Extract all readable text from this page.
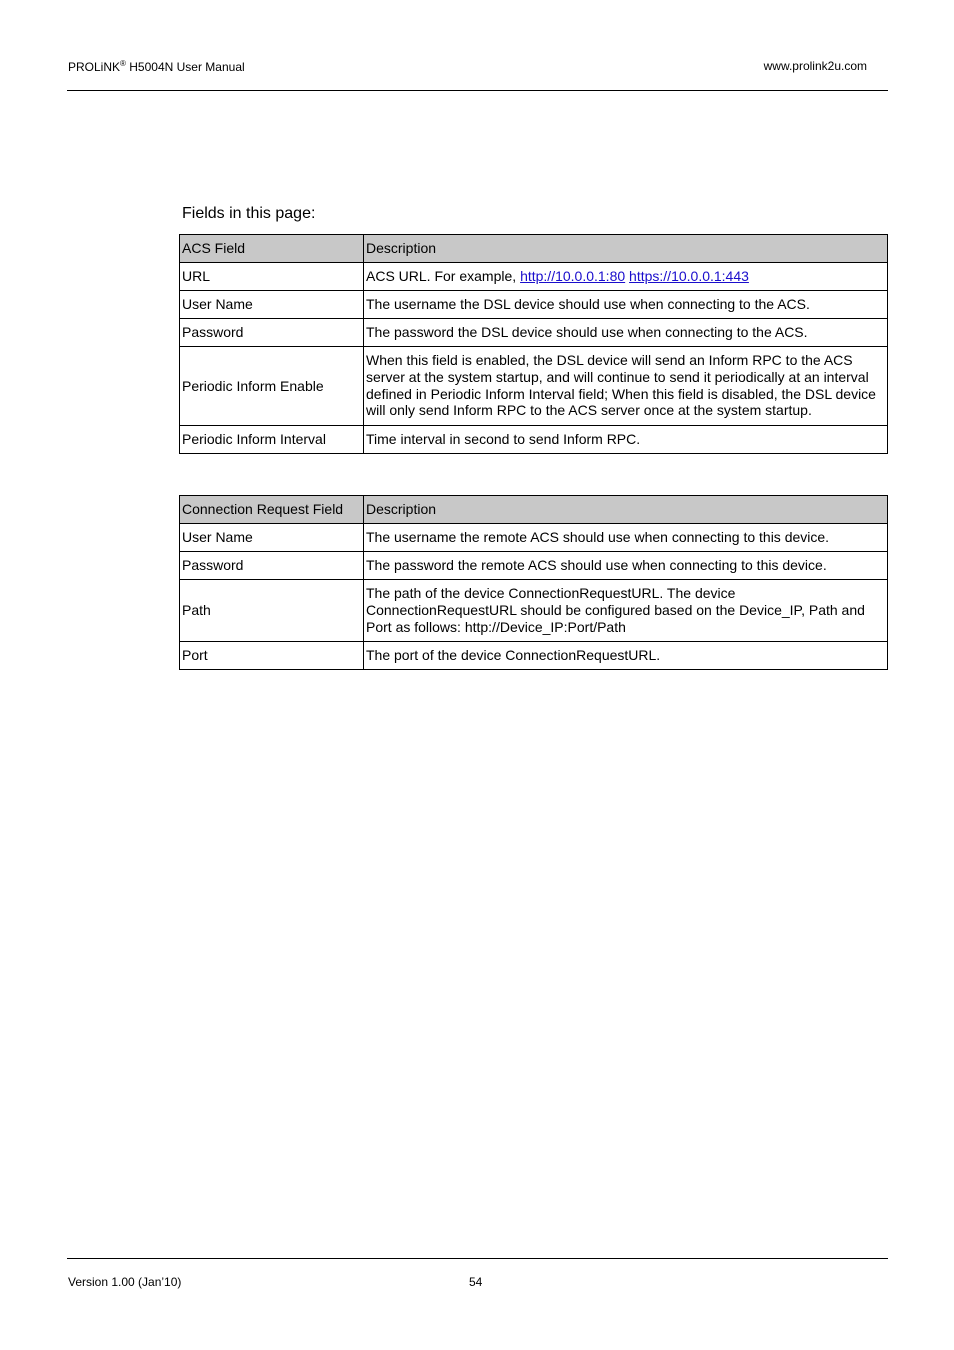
PROLiNK® H5004N User Manual	www.prolink2u.com
Fields in this page:
ACS Field	Description
URL	ACS URL. For example, http://10.0.0.1:80 https://10.0.0.1:443
User Name	The username the DSL device should use when connecting to the ACS.
Password	The password the DSL device should use when connecting to the ACS.
Periodic Inform Enable	When this field is enabled, the DSL device will send an Inform RPC to the ACS server at the system startup, and will continue to send it periodically at an interval defined in Periodic Inform Interval field; When this field is disabled, the DSL device will only send Inform RPC to the ACS server once at the system startup.
Periodic Inform Interval	Time interval in second to send Inform RPC.
Connection Request Field	Description
User Name	The username the remote ACS should use when connecting to this device.
Password	The password the remote ACS should use when connecting to this device.
Path	The path of the device ConnectionRequestURL. The device ConnectionRequestURL should be configured based on the Device_IP, Path and Port as follows: http://Device_IP:Port/Path
Port	The port of the device ConnectionRequestURL.
Version 1.00 (Jan’10)	54
